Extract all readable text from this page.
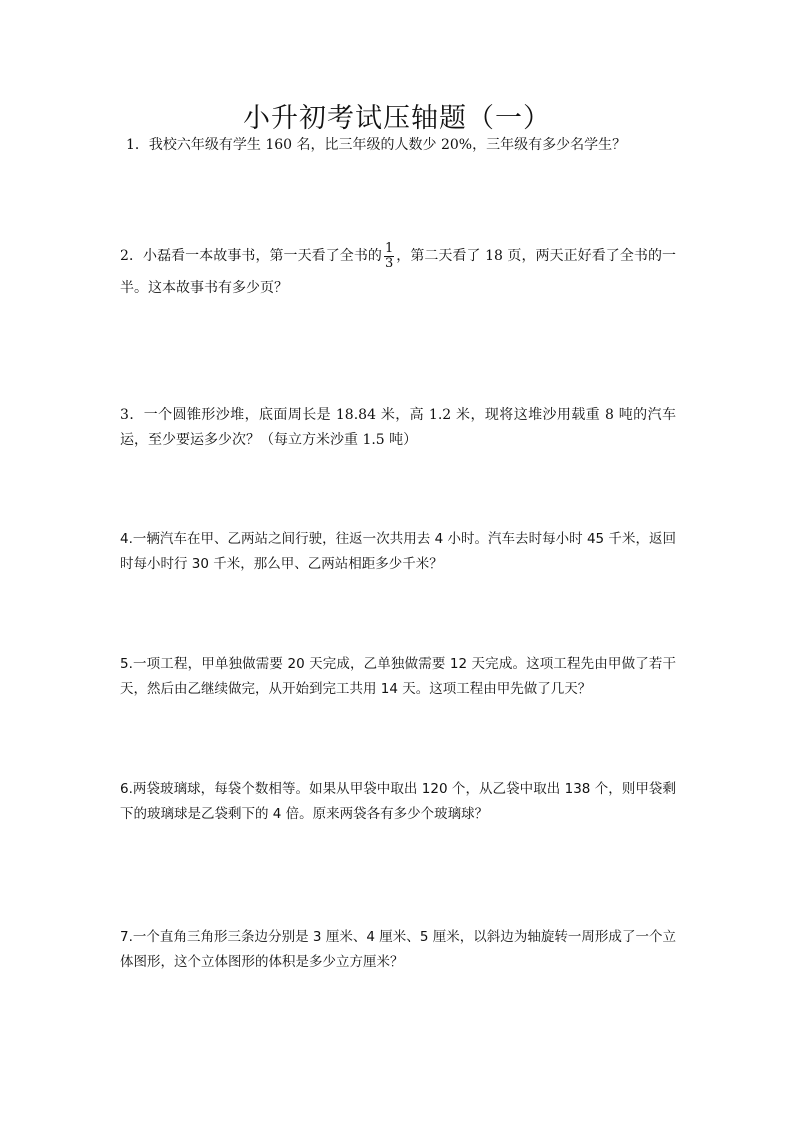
小升初考试压轴题（一）
1．我校六年级有学生 160 名，比三年级的人数少 20%，三年级有多少名学生？
2．小磊看一本故事书，第一天看了全书的 $\frac{1}{3}$ ，第二天看了 18 页，两天正好看了全书的一半。这本故事书有多少页？
3．一个圆锥形沙堆，底面周长是 18.84 米，高 1.2 米，现将这堆沙用载重 8 吨的汽车运，至少要运多少次？（每立方米沙重 1.5 吨）
4.一辆汽车在甲、乙两站之间行驶，往返一次共用去 4 小时。汽车去时每小时 45 千米，返回时每小时行 30 千米，那么甲、乙两站相距多少千米？
5.一项工程，甲单独做需要 20 天完成，乙单独做需要 12 天完成。这项工程先由甲做了若干天，然后由乙继续做完，从开始到完工共用 14 天。这项工程由甲先做了几天？
6.两袋玻璃球，每袋个数相等。如果从甲袋中取出 120 个，从乙袋中取出 138 个，则甲袋剩下的玻璃球是乙袋剩下的 4 倍。原来两袋各有多少个玻璃球？
7.一个直角三角形三条边分别是 3 厘米、4 厘米、5 厘米，以斜边为轴旋转一周形成了一个立体图形，这个立体图形的体积是多少立方厘米？
